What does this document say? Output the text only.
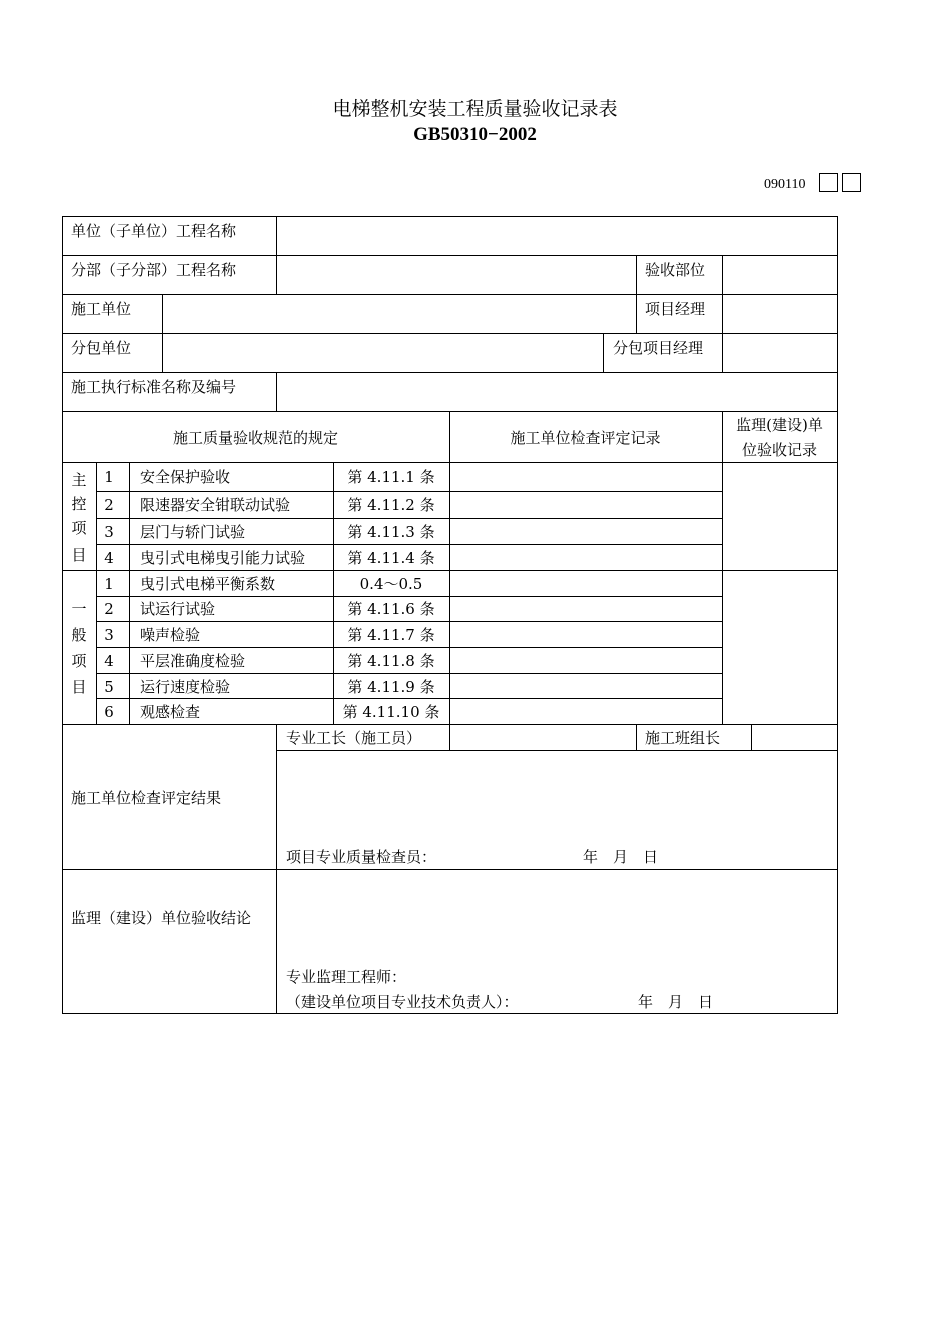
电梯整机安装工程质量验收记录表
GB50310−2002
090110
单位（子单位）工程名称
分部（子分部）工程名称	验收部位
施工单位	项目经理
分包单位	分包项目经理
施工执行标准名称及编号
施工质量验收规范的规定	施工单位检查评定记录
监理(建设)单
位验收记录
主
控
项
目
1	安全保护验收	第 4.11.1 条
2	限速器安全钳联动试验	第 4.11.2 条
3	层门与轿门试验	第 4.11.3 条
4	曳引式电梯曳引能力试验	第 4.11.4 条
一
般
项
目
1	曳引式电梯平衡系数	0.4～0.5
2	试运行试验	第 4.11.6 条
3	噪声检验	第 4.11.7 条
4	平层准确度检验	第 4.11.8 条
5	运行速度检验	第 4.11.9 条
6	观感检查	第 4.11.10 条
专业工长（施工员）	施工班组长
施工单位检查评定结果
项目专业质量检查员：	年　月　日
监理（建设）单位验收结论
专业监理工程师：
（建设单位项目专业技术负责人）：	年　月　日
